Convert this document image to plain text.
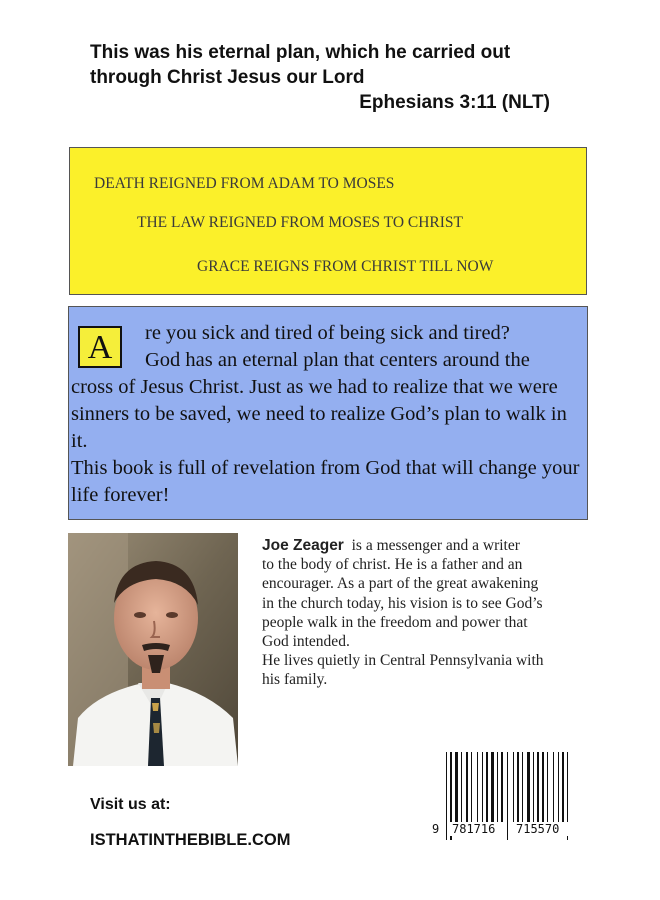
This was his eternal plan, which he carried out
through Christ Jesus our Lord
Ephesians 3:11 (NLT)
DEATH REIGNED FROM ADAM TO MOSES
THE LAW REIGNED FROM MOSES TO CHRIST
GRACE REIGNS FROM CHRIST TILL NOW
A	re you sick and tired of being sick and tired?
God has an eternal plan that centers around the
cross of Jesus Christ. Just as we had to realize that we were
sinners to be saved, we need to realize God’s plan to walk in
it.
This book is full of revelation from God that will change your
life forever!
Joe Zeager is a messenger and a writer
to the body of christ. He is a father and an
encourager. As a part of the great awakening
in the church today, his vision is to see God’s
people walk in the freedom and power that
God intended.
He lives quietly in Central Pennsylvania with
his family.
Visit us at:
ISTHATINTHEBIBLE.COM
9 781716 715570
